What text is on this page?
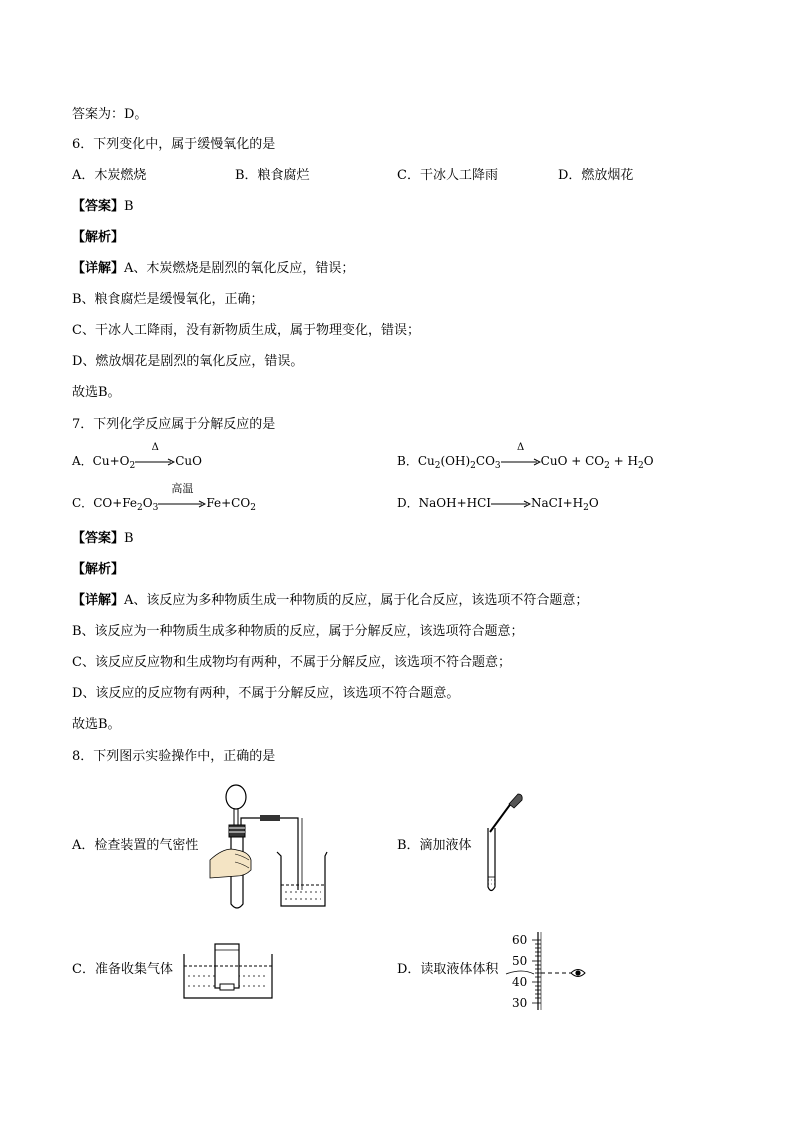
答案为：D。
6．下列变化中，属于缓慢氧化的是
A．木炭燃烧	B．粮食腐烂	C．干冰人工降雨	D．燃放烟花
【答案】B
【解析】
【详解】A、木炭燃烧是剧烈的氧化反应，错误；
B、粮食腐烂是缓慢氧化，正确；
C、干冰人工降雨，没有新物质生成，属于物理变化，错误；
D、燃放烟花是剧烈的氧化反应，错误。
故选B。
7．下列化学反应属于分解反应的是
A．$Cu+O_2$
Δ
CuO	B．$Cu_2(OH)_2CO_3$
Δ
CuO + $CO_2 + H_2O$
C．$CO+Fe_2O_3$
高温
$Fe+CO_2$	D．$NaOH+HCI\to NaCI+H_2O$
【答案】B
【解析】
【详解】A、该反应为多种物质生成一种物质的反应，属于化合反应，该选项不符合题意；
B、该反应为一种物质生成多种物质的反应，属于分解反应，该选项符合题意；
C、该反应反应物和生成物均有两种，不属于分解反应，该选项不符合题意；
D、该反应的反应物有两种，不属于分解反应，该选项不符合题意。
故选B。
8．下列图示实验操作中，正确的是
A．检查装置的气密性	B．滴加液体
C．准备收集气体	D．读取液体体积
60
50
40
30
